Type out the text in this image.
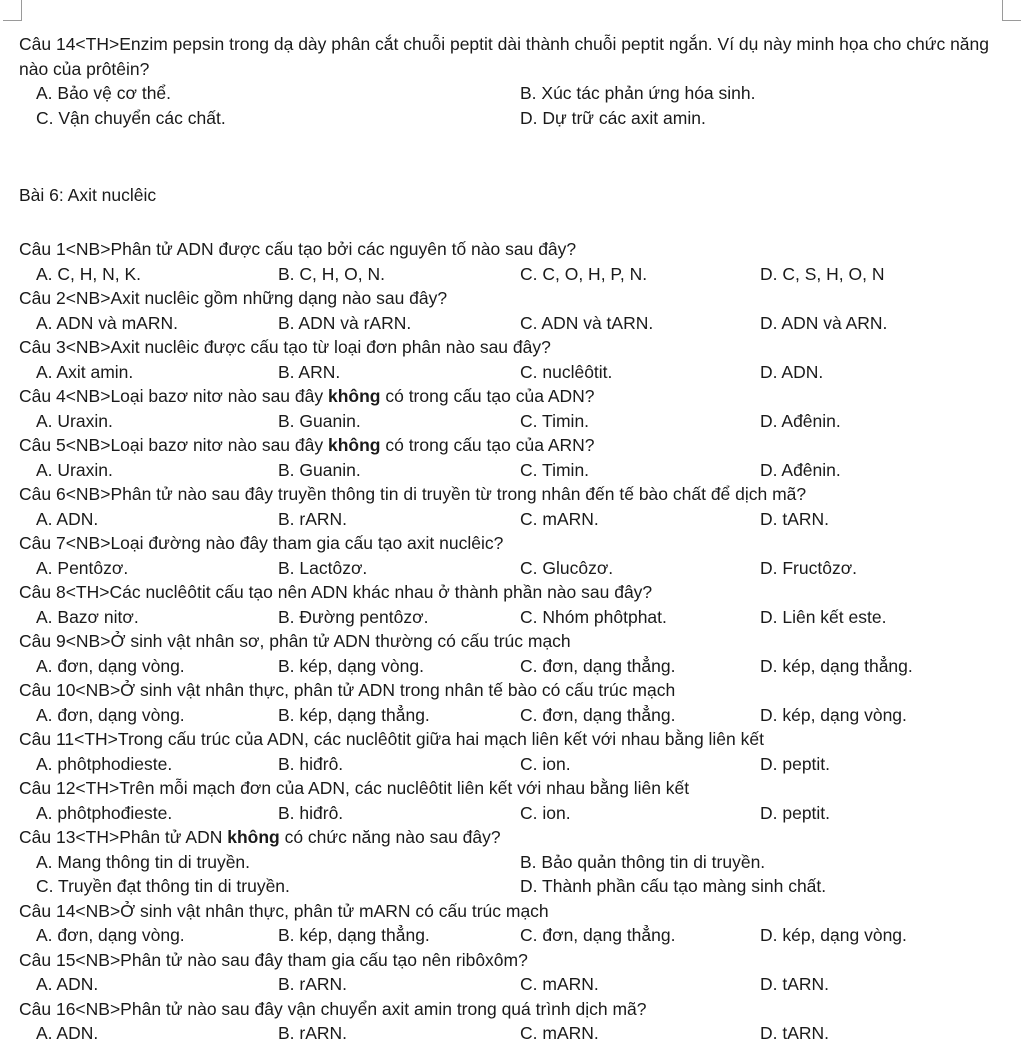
Câu 14<TH>Enzim pepsin trong dạ dày phân cắt chuỗi peptit dài thành chuỗi peptit ngắn. Ví dụ này minh họa cho chức năng nào của prôtêin?
A. Bảo vệ cơ thể.	B. Xúc tác phản ứng hóa sinh.
C. Vận chuyển các chất.	D. Dự trữ các axit amin.
Bài 6: Axit nuclêic
Câu 1<NB>Phân tử ADN được cấu tạo bởi các nguyên tố nào sau đây?
A. C, H, N, K.	B. C, H, O, N.	C. C, O, H, P, N.	D. C, S, H, O, N
Câu 2<NB>Axit nuclêic gồm những dạng nào sau đây?
A. ADN và mARN.	B. ADN và rARN.	C. ADN và tARN.	D. ADN và ARN.
Câu 3<NB>Axit nuclêic được cấu tạo từ loại đơn phân nào sau đây?
A. Axit amin.	B. ARN.	C. nuclêôtit.	D. ADN.
Câu 4<NB>Loại bazơ nitơ nào sau đây không có trong cấu tạo của ADN?
A. Uraxin.	B. Guanin.	C. Timin.	D. Ađênin.
Câu 5<NB>Loại bazơ nitơ nào sau đây không có trong cấu tạo của ARN?
A. Uraxin.	B. Guanin.	C. Timin.	D. Ađênin.
Câu 6<NB>Phân tử nào sau đây truyền thông tin di truyền từ trong nhân đến tế bào chất để dịch mã?
A. ADN.	B. rARN.	C. mARN.	D. tARN.
Câu 7<NB>Loại đường nào đây tham gia cấu tạo axit nuclêic?
A. Pentôzơ.	B. Lactôzơ.	C. Glucôzơ.	D. Fructôzơ.
Câu 8<TH>Các nuclêôtit cấu tạo nên ADN khác nhau ở thành phần nào sau đây?
A. Bazơ nitơ.	B. Đường pentôzơ.	C. Nhóm phôtphat.	D. Liên kết este.
Câu 9<NB>Ở sinh vật nhân sơ, phân tử ADN thường có cấu trúc mạch
A. đơn, dạng vòng.	B. kép, dạng vòng.	C. đơn, dạng thẳng.	D. kép, dạng thẳng.
Câu 10<NB>Ở sinh vật nhân thực, phân tử ADN trong nhân tế bào có cấu trúc mạch
A. đơn, dạng vòng.	B. kép, dạng thẳng.	C. đơn, dạng thẳng.	D. kép, dạng vòng.
Câu 11<TH>Trong cấu trúc của ADN, các nuclêôtit giữa hai mạch liên kết với nhau bằng liên kết
A. phôtphodieste.	B. hiđrô.	C. ion.	D. peptit.
Câu 12<TH>Trên mỗi mạch đơn của ADN, các nuclêôtit liên kết với nhau bằng liên kết
A. phôtphođieste.	B. hiđrô.	C. ion.	D. peptit.
Câu 13<TH>Phân tử ADN không có chức năng nào sau đây?
A. Mang thông tin di truyền.	B. Bảo quản thông tin di truyền.
C. Truyền đạt thông tin di truyền.	D. Thành phần cấu tạo màng sinh chất.
Câu 14<NB>Ở sinh vật nhân thực, phân tử mARN có cấu trúc mạch
A. đơn, dạng vòng.	B. kép, dạng thẳng.	C. đơn, dạng thẳng.	D. kép, dạng vòng.
Câu 15<NB>Phân tử nào sau đây tham gia cấu tạo nên ribôxôm?
A. ADN.	B. rARN.	C. mARN.	D. tARN.
Câu 16<NB>Phân tử nào sau đây vận chuyển axit amin trong quá trình dịch mã?
A. ADN.	B. rARN.	C. mARN.	D. tARN.
